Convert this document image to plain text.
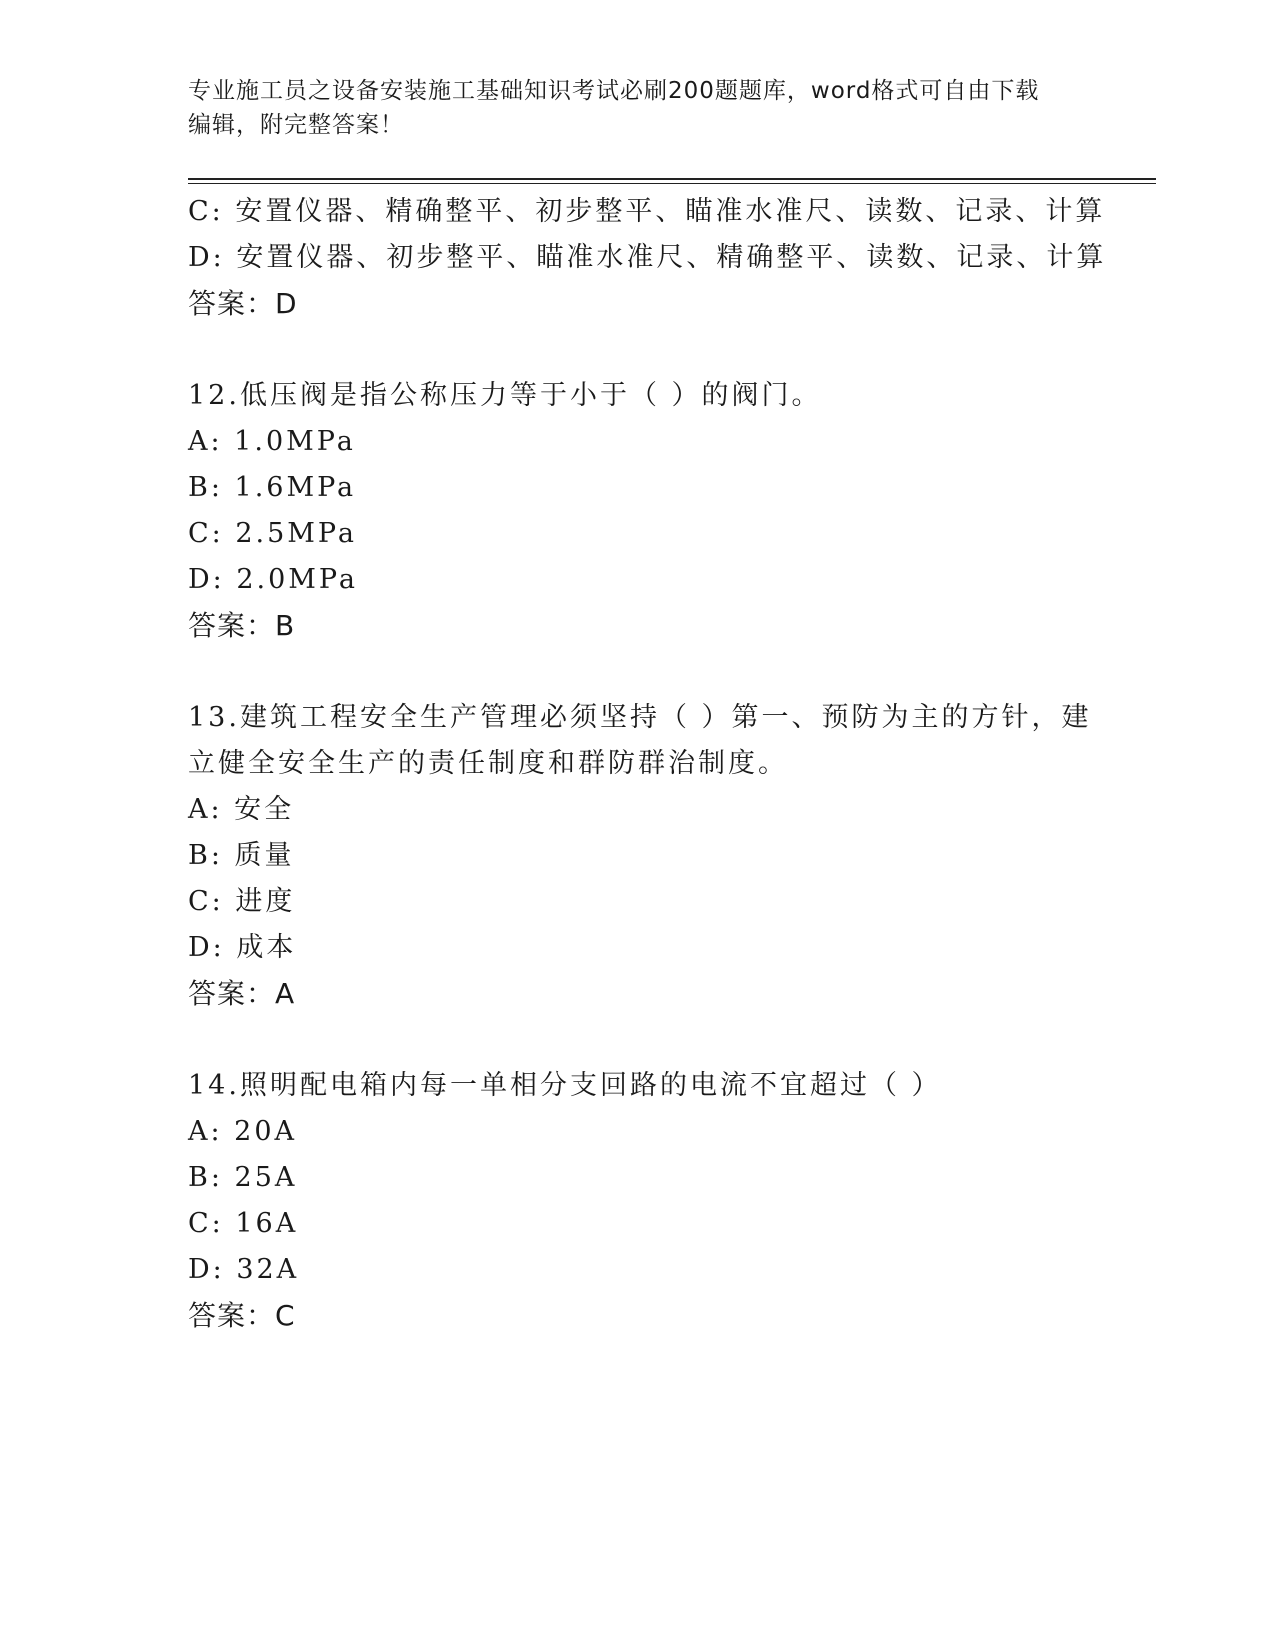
专业施工员之设备安装施工基础知识考试必刷200题题库，word格式可自由下载
编辑，附完整答案！
C: 安置仪器、精确整平、初步整平、瞄准水准尺、读数、记录、计算
D: 安置仪器、初步整平、瞄准水准尺、精确整平、读数、记录、计算
答案：D
12.低压阀是指公称压力等于小于（ ）的阀门。
A: 1.0MPa
B: 1.6MPa
C: 2.5MPa
D: 2.0MPa
答案：B
13.建筑工程安全生产管理必须坚持（ ）第一、预防为主的方针，建
立健全安全生产的责任制度和群防群治制度。
A: 安全
B: 质量
C: 进度
D: 成本
答案：A
14.照明配电箱内每一单相分支回路的电流不宜超过（ ）
A: 20A
B: 25A
C: 16A
D: 32A
答案：C
